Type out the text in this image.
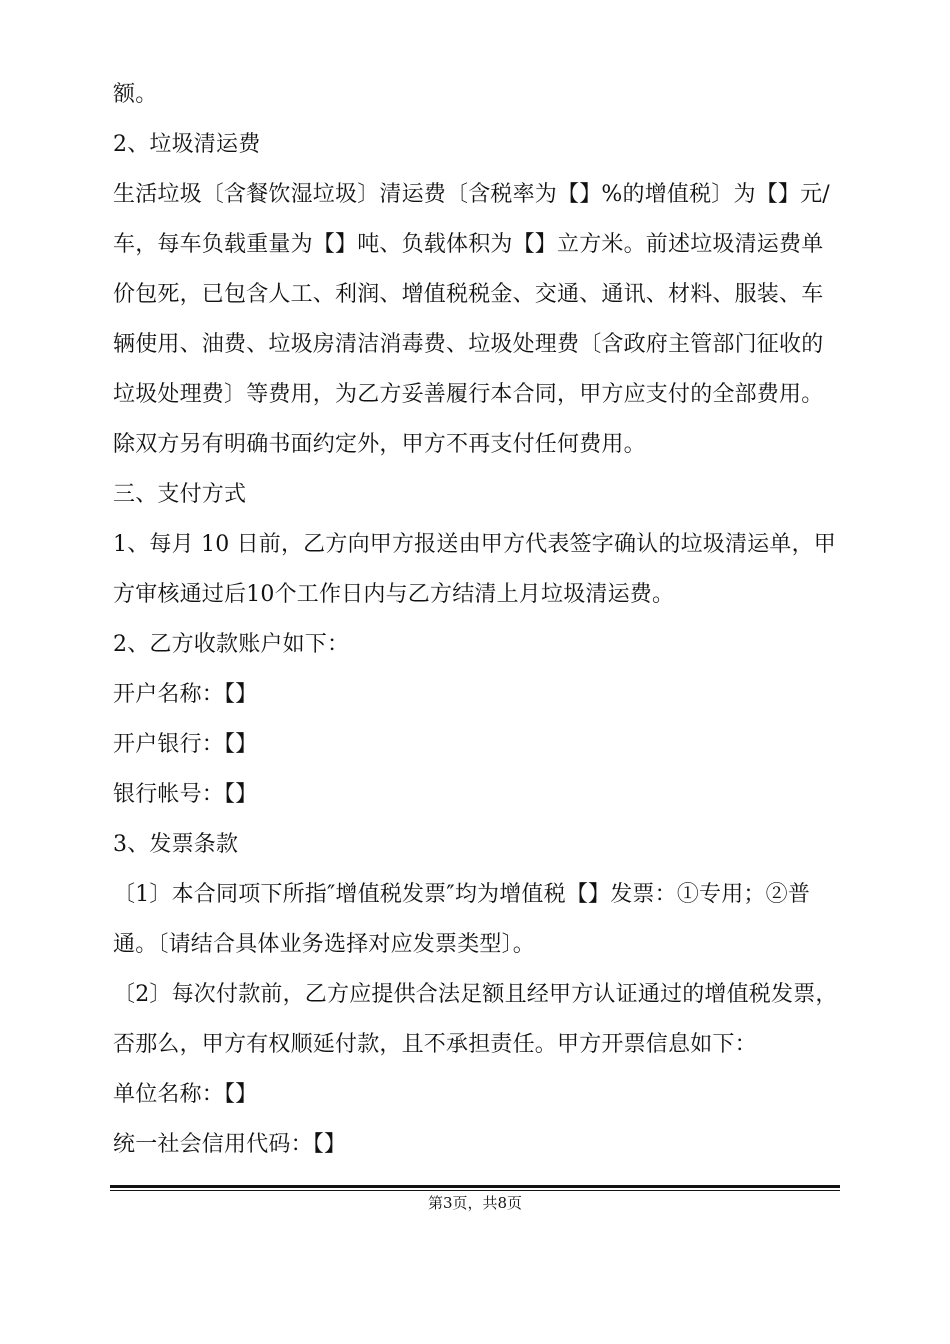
额。
2、垃圾清运费
生活垃圾〔含餐饮湿垃圾〕清运费〔含税率为【】%的增值税〕为【】元/
车，每车负载重量为【】吨、负载体积为【】立方米。前述垃圾清运费单
价包死，已包含人工、利润、增值税税金、交通、通讯、材料、服装、车
辆使用、油费、垃圾房清洁消毒费、垃圾处理费〔含政府主管部门征收的
垃圾处理费〕等费用，为乙方妥善履行本合同，甲方应支付的全部费用。
除双方另有明确书面约定外，甲方不再支付任何费用。
三、支付方式
1、每月 10 日前，乙方向甲方报送由甲方代表签字确认的垃圾清运单，甲
方审核通过后10个工作日内与乙方结清上月垃圾清运费。
2、乙方收款账户如下：
开户名称：【】
开户银行：【】
银行帐号：【】
3、发票条款
〔1〕本合同项下所指″增值税发票″均为增值税【】发票：①专用；②普
通。〔请结合具体业务选择对应发票类型〕。
〔2〕每次付款前，乙方应提供合法足额且经甲方认证通过的增值税发票，
否那么，甲方有权顺延付款，且不承担责任。甲方开票信息如下：
单位名称：【】
统一社会信用代码：【】
第3页，共8页
